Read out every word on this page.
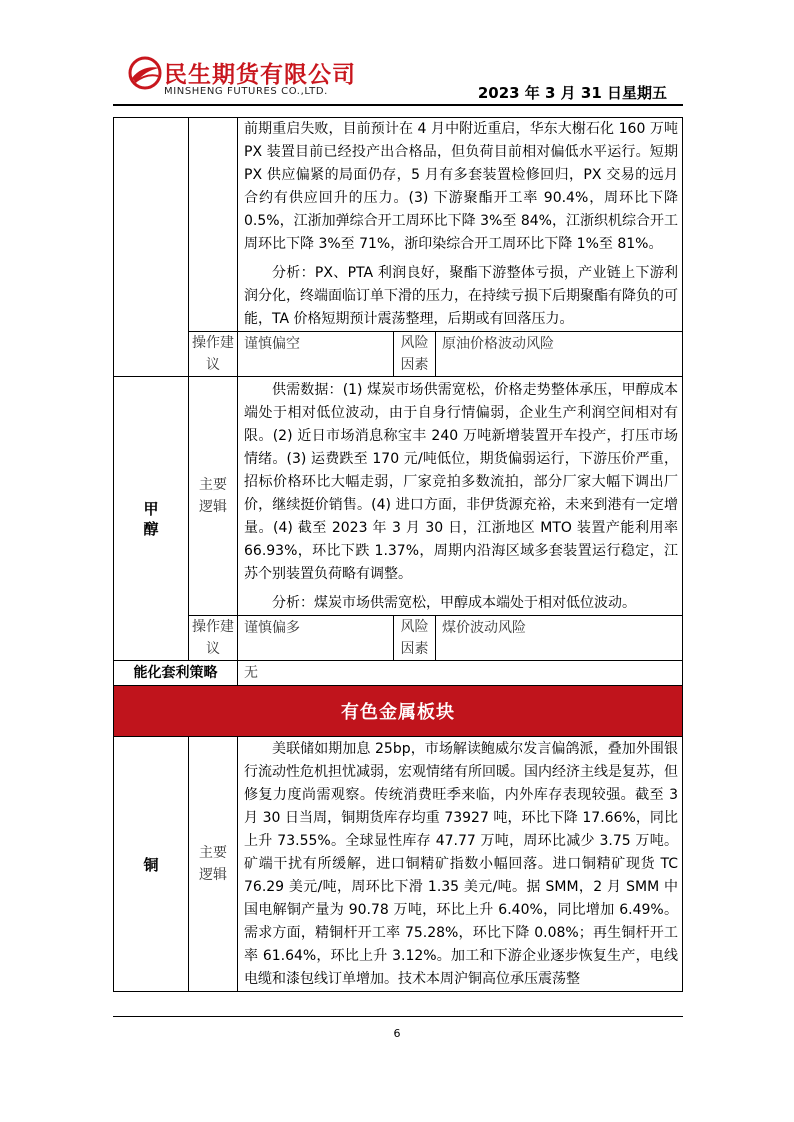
民生期货有限公司
MINSHENG FUTURES CO.,LTD.	2023 年 3 月 31 日星期五

		前期重启失败，目前预计在 4 月中附近重启，华东大榭石化 160 万吨 PX 装置目前已经投产出合格品，但负荷目前相对偏低水平运行。短期 PX 供应偏紧的局面仍存，5 月有多套装置检修回归，PX 交易的远月合约有供应回升的压力。(3) 下游聚酯开工率 90.4%，周环比下降 0.5%，江浙加弹综合开工周环比下降 3%至 84%，江浙织机综合开工周环比下降 3%至 71%，浙印染综合开工周环比下降 1%至 81%。

分析：PX、PTA 利润良好，聚酯下游整体亏损，产业链上下游利润分化，终端面临订单下滑的压力，在持续亏损下后期聚酯有降负的可能，TA 价格短期预计震荡整理，后期或有回落压力。		

	操作建议	谨慎偏空	风险因素	原油价格波动风险
甲醇	主要逻辑	供需数据：(1) 煤炭市场供需宽松，价格走势整体承压，甲醇成本端处于相对低位波动，由于自身行情偏弱，企业生产利润空间相对有限。(2) 近日市场消息称宝丰 240 万吨新增装置开车投产，打压市场情绪。(3) 运费跌至 170 元/吨低位，期货偏弱运行，下游压价严重，招标价格环比大幅走弱，厂家竞拍多数流拍，部分厂家大幅下调出厂价，继续挺价销售。(4) 进口方面，非伊货源充裕，未来到港有一定增量。(4) 截至 2023 年 3 月 30 日，江浙地区 MTO 装置产能利用率 66.93%，环比下跌 1.37%，周期内沿海区域多套装置运行稳定，江苏个别装置负荷略有调整。

分析：煤炭市场供需宽松，甲醇成本端处于相对低位波动。		

	操作建议	谨慎偏多	风险因素	煤价波动风险
能化套利策略		无		
有色金属板块				
铜	主要逻辑	美联储如期加息 25bp，市场解读鲍威尔发言偏鸽派，叠加外围银行流动性危机担忧减弱，宏观情绪有所回暖。国内经济主线是复苏，但修复力度尚需观察。传统消费旺季来临，内外库存表现较强。截至 3 月 30 日当周，铜期货库存均重 73927 吨，环比下降 17.66%，同比上升 73.55%。全球显性库存 47.77 万吨，周环比减少 3.75 万吨。矿端干扰有所缓解，进口铜精矿指数小幅回落。进口铜精矿现货 TC 76.29 美元/吨，周环比下滑 1.35 美元/吨。据 SMM，2 月 SMM 中国电解铜产量为 90.78 万吨，环比上升 6.40%，同比增加 6.49%。需求方面，精铜杆开工率 75.28%，环比下降 0.08%；再生铜杆开工率 61.64%，环比上升 3.12%。加工和下游企业逐步恢复生产，电线电缆和漆包线订单增加。技术本周沪铜高位承压震荡整		

6
